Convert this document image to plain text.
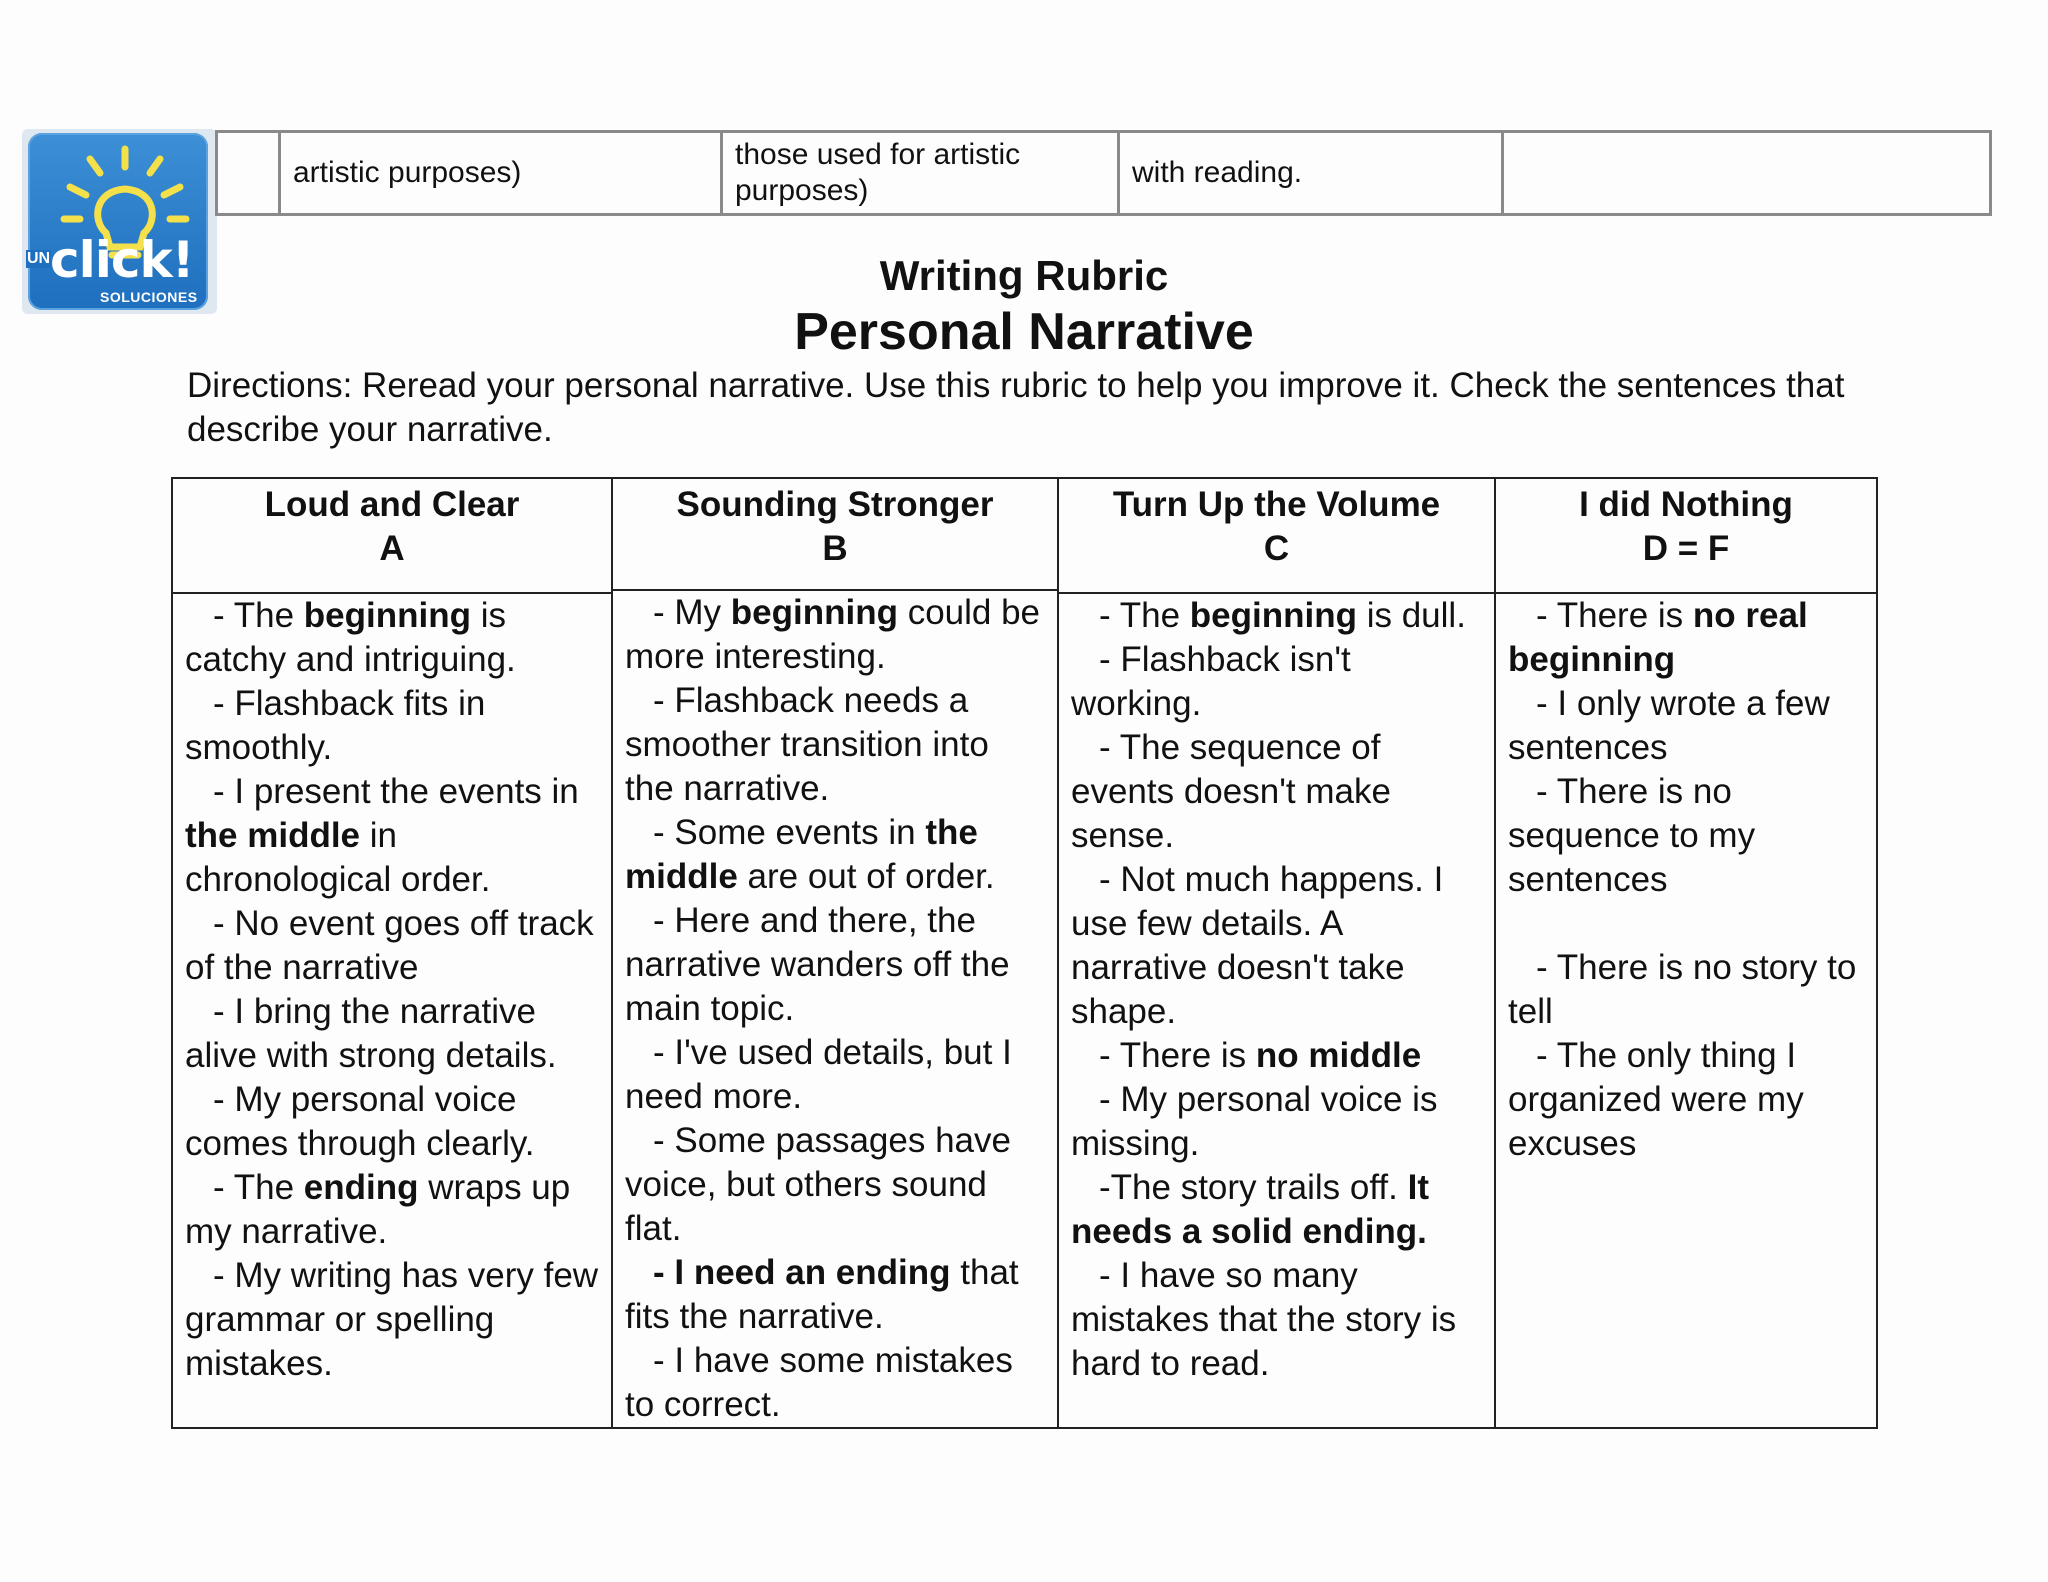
UN click!
SOLUCIONES
artistic purposes)
those used for artistic purposes)
with reading.
Writing Rubric
Personal Narrative
Directions: Reread your personal narrative. Use this rubric to help you improve it. Check the sentences that describe your narrative.
Loud and Clear
A
- The beginning is catchy and intriguing.
- Flashback fits in smoothly.
- I present the events in the middle in chronological order.
- No event goes off track of the narrative
- I bring the narrative alive with strong details.
- My personal voice comes through clearly.
- The ending wraps up my narrative.
- My writing has very few grammar or spelling mistakes.
Sounding Stronger
B
- My beginning could be more interesting.
- Flashback needs a smoother transition into the narrative.
- Some events in the middle are out of order.
- Here and there, the narrative wanders off the main topic.
- I've used details, but I need more.
- Some passages have voice, but others sound flat.
- I need an ending that fits the narrative.
- I have some mistakes to correct.
Turn Up the Volume
C
- The beginning is dull.
- Flashback isn't working.
- The sequence of events doesn't make sense.
- Not much happens. I use few details. A narrative doesn't take shape.
- There is no middle
- My personal voice is missing.
-The story trails off. It needs a solid ending.
- I have so many mistakes that the story is hard to read.
I did Nothing
D = F
- There is no real beginning
- I only wrote a few sentences
- There is no sequence to my sentences
- There is no story to tell
- The only thing I organized were my excuses
